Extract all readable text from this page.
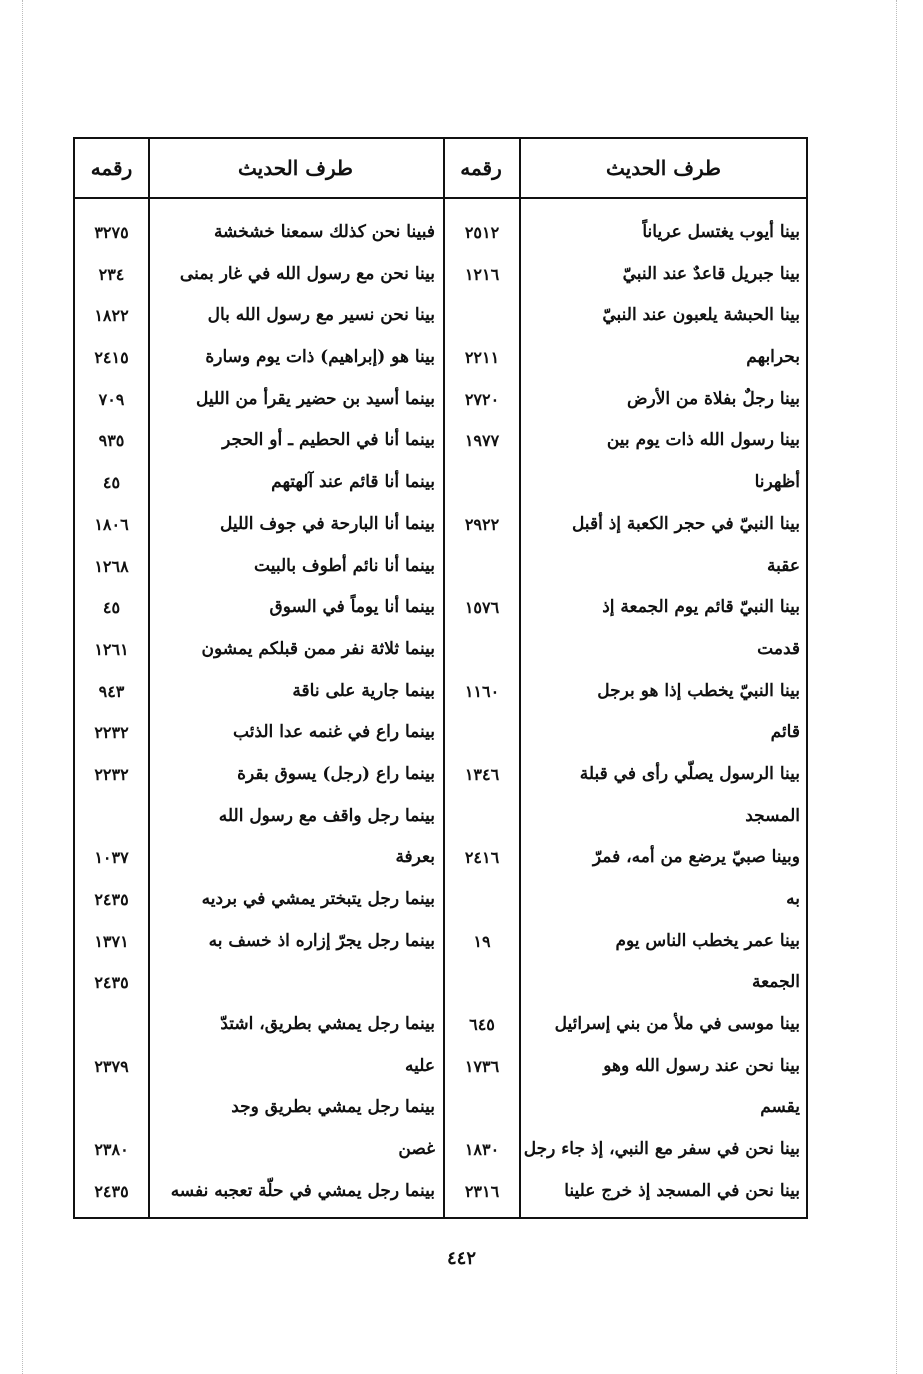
طرف الحديث
رقمه
طرف الحديث
رقمه
بينا أيوب يغتسل عرياناً
بينا جبريل قاعدٌ عند النبيّ
بينا الحبشة يلعبون عند النبيّ
بحرابهم
بينا رجلٌ بفلاة من الأرض
بينا رسول الله ذات يوم بين
أظهرنا
بينا النبيّ في حجر الكعبة إذ أقبل
عقبة
بينا النبيّ قائم يوم الجمعة إذ
قدمت
بينا النبيّ يخطب إذا هو برجل
قائم
بينا الرسول يصلّي رأى في قبلة
المسجد
وبينا صبيّ يرضع من أمه، فمرّ
به
بينا عمر يخطب الناس يوم
الجمعة
بينا موسى في ملأ من بني إسرائيل
بينا نحن عند رسول الله وهو
يقسم
بينا نحن في سفر مع النبي، إذ جاء رجل
بينا نحن في المسجد إذ خرج علينا
٢٥١٢
١٢١٦
٢٢١١
٢٧٢٠
١٩٧٧
٢٩٢٢
١٥٧٦
١١٦٠
١٣٤٦
٢٤١٦
١٩
٦٤٥
١٧٣٦
١٨٣٠
٢٣١٦
فبينا نحن كذلك سمعنا خشخشة
بينا نحن مع رسول الله في غار بمنى
بينا نحن نسير مع رسول الله بال
بينا هو (إبراهيم) ذات يوم وسارة
بينما أسيد بن حضير يقرأ من الليل
بينما أنا في الحطيم ـ أو الحجر
بينما أنا قائم عند آلهتهم
بينما أنا البارحة في جوف الليل
بينما أنا نائم أطوف بالبيت
بينما أنا يوماً في السوق
بينما ثلاثة نفر ممن قبلكم يمشون
بينما جارية على ناقة
بينما راع في غنمه عدا الذئب
بينما راع (رجل) يسوق بقرة
بينما رجل واقف مع رسول الله
بعرفة
بينما رجل يتبختر يمشي في برديه
بينما رجل يجرّ إزاره اذ خسف به
بينما رجل يمشي بطريق، اشتدّ
عليه
بينما رجل يمشي بطريق وجد
غصن
بينما رجل يمشي في حلّة تعجبه نفسه
٣٢٧٥
٢٣٤
١٨٢٢
٢٤١٥
٧٠٩
٩٣٥
٤٥
١٨٠٦
١٢٦٨
٤٥
١٢٦١
٩٤٣
٢٢٣٢
٢٢٣٢
١٠٣٧
٢٤٣٥
١٣٧١
٢٤٣٥
٢٣٧٩
٢٣٨٠
٢٤٣٥
٤٤٢
